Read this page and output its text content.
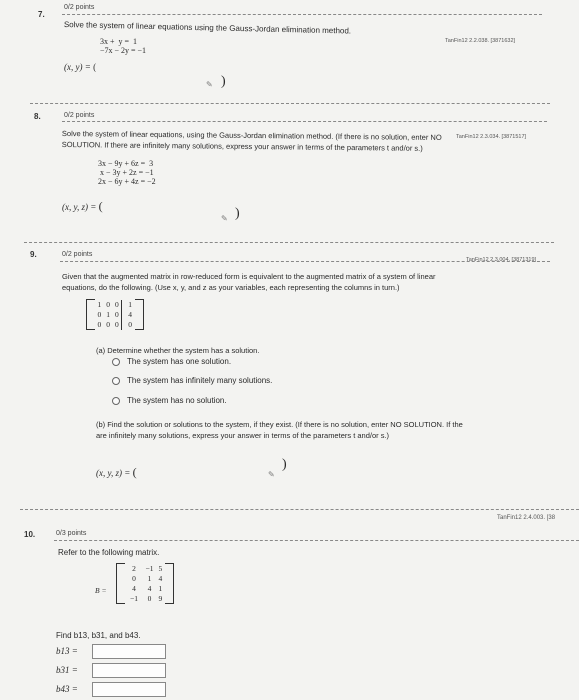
7.
0/2 points
Solve the system of linear equations using the Gauss-Jordan elimination method.
TanFin12 2.2.038. [3871632]
3x +  y =  1
−7x − 2y = −1
(x, y) = (
✎ )
8.	0/2 points
TanFin12 2.3.034. [3871517]
Solve the system of linear equations, using the Gauss-Jordan elimination method. (If there is no solution, enter NO
SOLUTION. If there are infinitely many solutions, express your answer in terms of the parameters t and/or s.)
3x − 9y + 6z =  3
x − 3y + 2z = −1
2x − 6y + 4z = −2
(x, y, z) = (
✎ )
9.	0/2 points
TanFin12 2.3.004. [3871319]
Given that the augmented matrix in row-reduced form is equivalent to the augmented matrix of a system of linear
equations, do the following. (Use x, y, and z as your variables, each representing the columns in turn.)
	1	0	0	1	
	0	1	0	4	
	0	0	0	0	
(a) Determine whether the system has a solution.
The system has one solution.
The system has infinitely many solutions.
The system has no solution.
(b) Find the solution or solutions to the system, if they exist. (If there is no solution, enter NO SOLUTION. If the
are infinitely many solutions, express your answer in terms of the parameters t and/or s.)
(x, y, z) = (	✎
)
TanFin12 2.4.003. [38
10.	0/3 points
Refer to the following matrix.
B =
	2	−1	5	
	0	1	4	
	4	4	1	
	−1	0	9	
Find b13, b31, and b43.
b13 =
b31 =
b43 =
